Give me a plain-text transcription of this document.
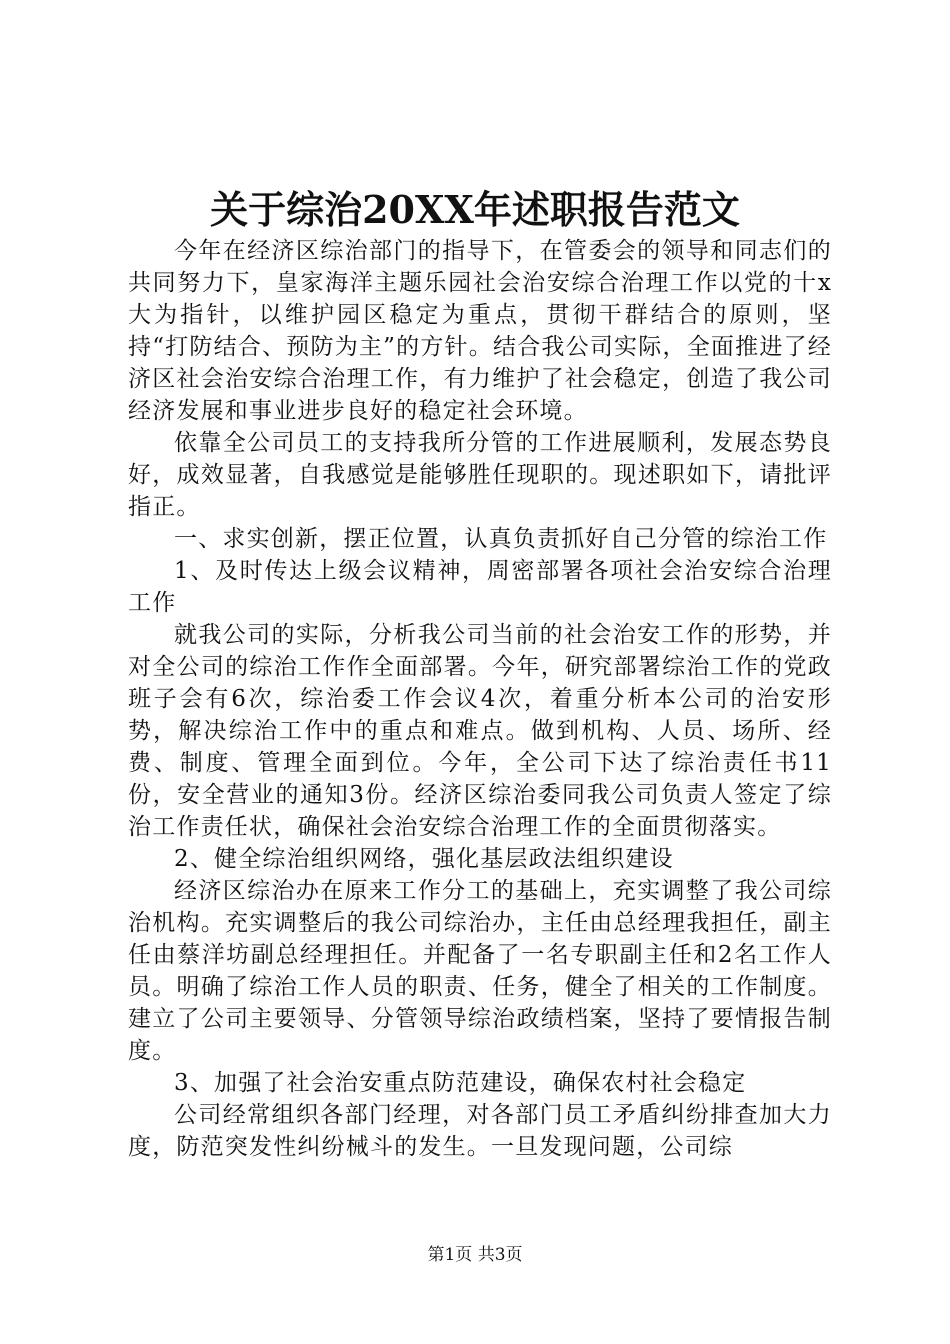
关于综治20XX年述职报告范文

今年在经济区综治部门的指导下，在管委会的领导和同志们的共同努力下，皇家海洋主题乐园社会治安综合治理工作以党的十x大为指针，以维护园区稳定为重点，贯彻干群结合的原则，坚持“打防结合、预防为主”的方针。结合我公司实际，全面推进了经济区社会治安综合治理工作，有力维护了社会稳定，创造了我公司经济发展和事业进步良好的稳定社会环境。

依靠全公司员工的支持我所分管的工作进展顺利，发展态势良好，成效显著，自我感觉是能够胜任现职的。现述职如下，请批评指正。

一、求实创新，摆正位置，认真负责抓好自己分管的综治工作

1、及时传达上级会议精神，周密部署各项社会治安综合治理工作

就我公司的实际，分析我公司当前的社会治安工作的形势，并对全公司的综治工作作全面部署。今年，研究部署综治工作的党政班子会有6次，综治委工作会议4次，着重分析本公司的治安形势，解决综治工作中的重点和难点。做到机构、人员、场所、经费、制度、管理全面到位。今年，全公司下达了综治责任书11份，安全营业的通知3份。经济区综治委同我公司负责人签定了综治工作责任状，确保社会治安综合治理工作的全面贯彻落实。

2、健全综治组织网络，强化基层政法组织建设

经济区综治办在原来工作分工的基础上，充实调整了我公司综治机构。充实调整后的我公司综治办，主任由总经理我担任，副主任由蔡洋坊副总经理担任。并配备了一名专职副主任和2名工作人员。明确了综治工作人员的职责、任务，健全了相关的工作制度。建立了公司主要领导、分管领导综治政绩档案，坚持了要情报告制度。

3、加强了社会治安重点防范建设，确保农村社会稳定

公司经常组织各部门经理，对各部门员工矛盾纠纷排查加大力度，防范突发性纠纷械斗的发生。一旦发现问题，公司综

第1页 共3页
